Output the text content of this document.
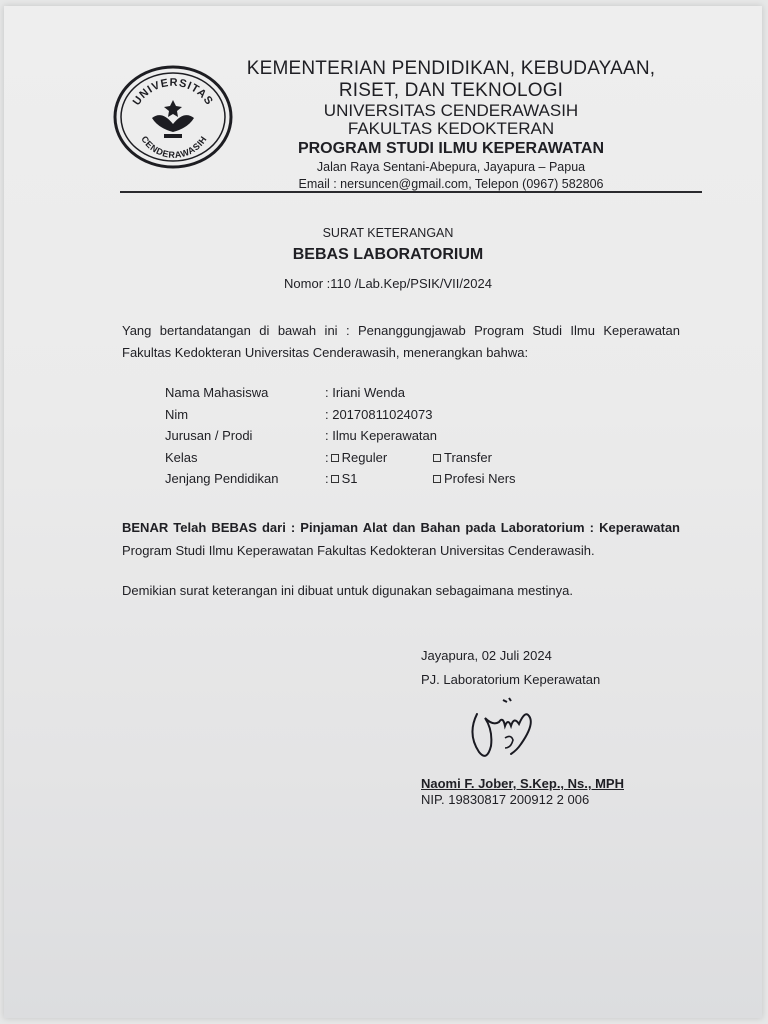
UNIVERSITAS
CENDERAWASIH
KEMENTERIAN PENDIDIKAN, KEBUDAYAAN,
RISET, DAN TEKNOLOGI
UNIVERSITAS CENDERAWASIH
FAKULTAS KEDOKTERAN
PROGRAM STUDI ILMU KEPERAWATAN
Jalan Raya Sentani-Abepura, Jayapura – Papua
Email : nersuncen@gmail.com, Telepon (0967) 582806
SURAT KETERANGAN
BEBAS LABORATORIUM
Nomor :110 /Lab.Kep/PSIK/VII/2024
Yang bertandatangan di bawah ini : Penanggungjawab Program Studi Ilmu Keperawatan Fakultas Kedokteran Universitas Cenderawasih, menerangkan bahwa:
Nama Mahasiswa	: Iriani Wenda
Nim	: 20170811024073
Jurusan / Prodi	: Ilmu Keperawatan
Kelas	: Reguler	Transfer
Jenjang Pendidikan	: S1	Profesi Ners
BENAR Telah BEBAS dari : Pinjaman Alat dan Bahan pada Laboratorium : Keperawatan Program Studi Ilmu Keperawatan Fakultas Kedokteran Universitas Cenderawasih.
Demikian surat keterangan ini dibuat untuk digunakan sebagaimana mestinya.
Jayapura, 02 Juli 2024
PJ. Laboratorium Keperawatan
Naomi F. Jober, S.Kep., Ns., MPH
NIP. 19830817 200912 2 006
